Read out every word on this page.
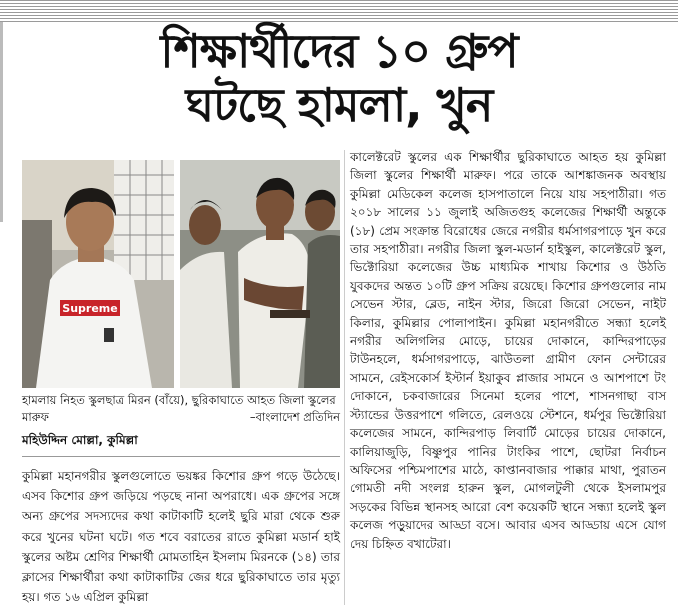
শিক্ষার্থীদের ১০ গ্রুপ
ঘটছে হামলা, খুন
Supreme
হামলায় নিহত স্কুলছাত্র মিরন (বাঁয়ে), ছুরিকাঘাতে আহত জিলা স্কুলের মারুফ	–বাংলাদেশ প্রতিদিন
মহিউদ্দিন মোল্লা, কুমিল্লা
কুমিল্লা মহানগরীর স্কুলগুলোতে ভয়ঙ্কর কিশোর গ্রুপ গড়ে উঠেছে। এসব কিশোর গ্রুপ জড়িয়ে পড়ছে নানা অপরাধে। এক গ্রুপের সঙ্গে অন্য গ্রুপের সদস্যদের কথা কাটাকাটি হলেই ছুরি মারা থেকে শুরু করে খুনের ঘটনা ঘটে। গত শবে বরাতের রাতে কুমিল্লা মডার্ন হাই স্কুলের অষ্টম শ্রেণির শিক্ষার্থী মোমতাহিন ইসলাম মিরনকে (১৪) তার ক্লাসের শিক্ষার্থীরা কথা কাটাকাটির জের ধরে ছুরিকাঘাতে তার মৃত্যু হয়। গত ১৬ এপ্রিল কুমিল্লা
কালেক্টরেট স্কুলের এক শিক্ষার্থীর ছুরিকাঘাতে আহত হয় কুমিল্লা জিলা স্কুলের শিক্ষার্থী মারুফ। পরে তাকে আশঙ্কাজনক অবস্থায় কুমিল্লা মেডিকেল কলেজ হাসপাতালে নিয়ে যায় সহপাঠীরা। গত ২০১৮ সালের ১১ জুলাই অজিতগুহ কলেজের শিক্ষার্থী অন্তুকে (১৮) প্রেম সংক্রান্ত বিরোধের জেরে নগরীর ধর্মসাগরপাড়ে খুন করে তার সহপাঠীরা। নগরীর জিলা স্কুল-মডার্ন হাইস্কুল, কালেক্টরেট স্কুল, ভিক্টোরিয়া কলেজের উচ্চ মাধ্যমিক শাখায় কিশোর ও উঠতি যুবকদের অন্তত ১০টি গ্রুপ সক্রিয় রয়েছে। কিশোর গ্রুপগুলোর নাম সেভেন স্টার, ব্লেড, নাইন স্টার, জিরো জিরো সেভেন, নাইট কিলার, কুমিল্লার পোলাপাইন। কুমিল্লা মহানগরীতে সন্ধ্যা হলেই নগরীর অলিগলির মোড়ে, চায়ের দোকানে, কান্দিরপাড়ের টাউনহলে, ধর্মসাগরপাড়ে, ঝাউতলা গ্রামীণ ফোন সেন্টারের সামনে, রেইসকোর্স ইস্টার্ন ইয়াকুব প্লাজার সামনে ও আশপাশে টং দোকানে, চকবাজারের সিনেমা হলের পাশে, শাসনগাছা বাস স্ট্যান্ডের উত্তরপাশে গলিতে, রেলওয়ে স্টেশনে, ধর্মপুর ভিক্টোরিয়া কলেজের সামনে, কান্দিরপাড় লিবার্টি মোড়ের চায়ের দোকানে, কালিয়াজুড়ি, বিষ্ণুপুর পানির টাংকির পাশে, ছোটরা নির্বাচন অফিসের পশ্চিমপাশের মাঠে, কাপ্তানবাজার পাক্কার মাথা, পুরাতন গোমতী নদী সংলগ্ন হারুন স্কুল, মোগলটুলী থেকে ইসলামপুর সড়কের বিভিন্ন স্থানসহ আরো বেশ কয়েকটি স্থানে সন্ধ্যা হলেই স্কুল কলেজ পড়ুয়াদের আড্ডা বসে। আবার এসব আড্ডায় এসে যোগ দেয় চিহ্নিত বখাটেরা।
